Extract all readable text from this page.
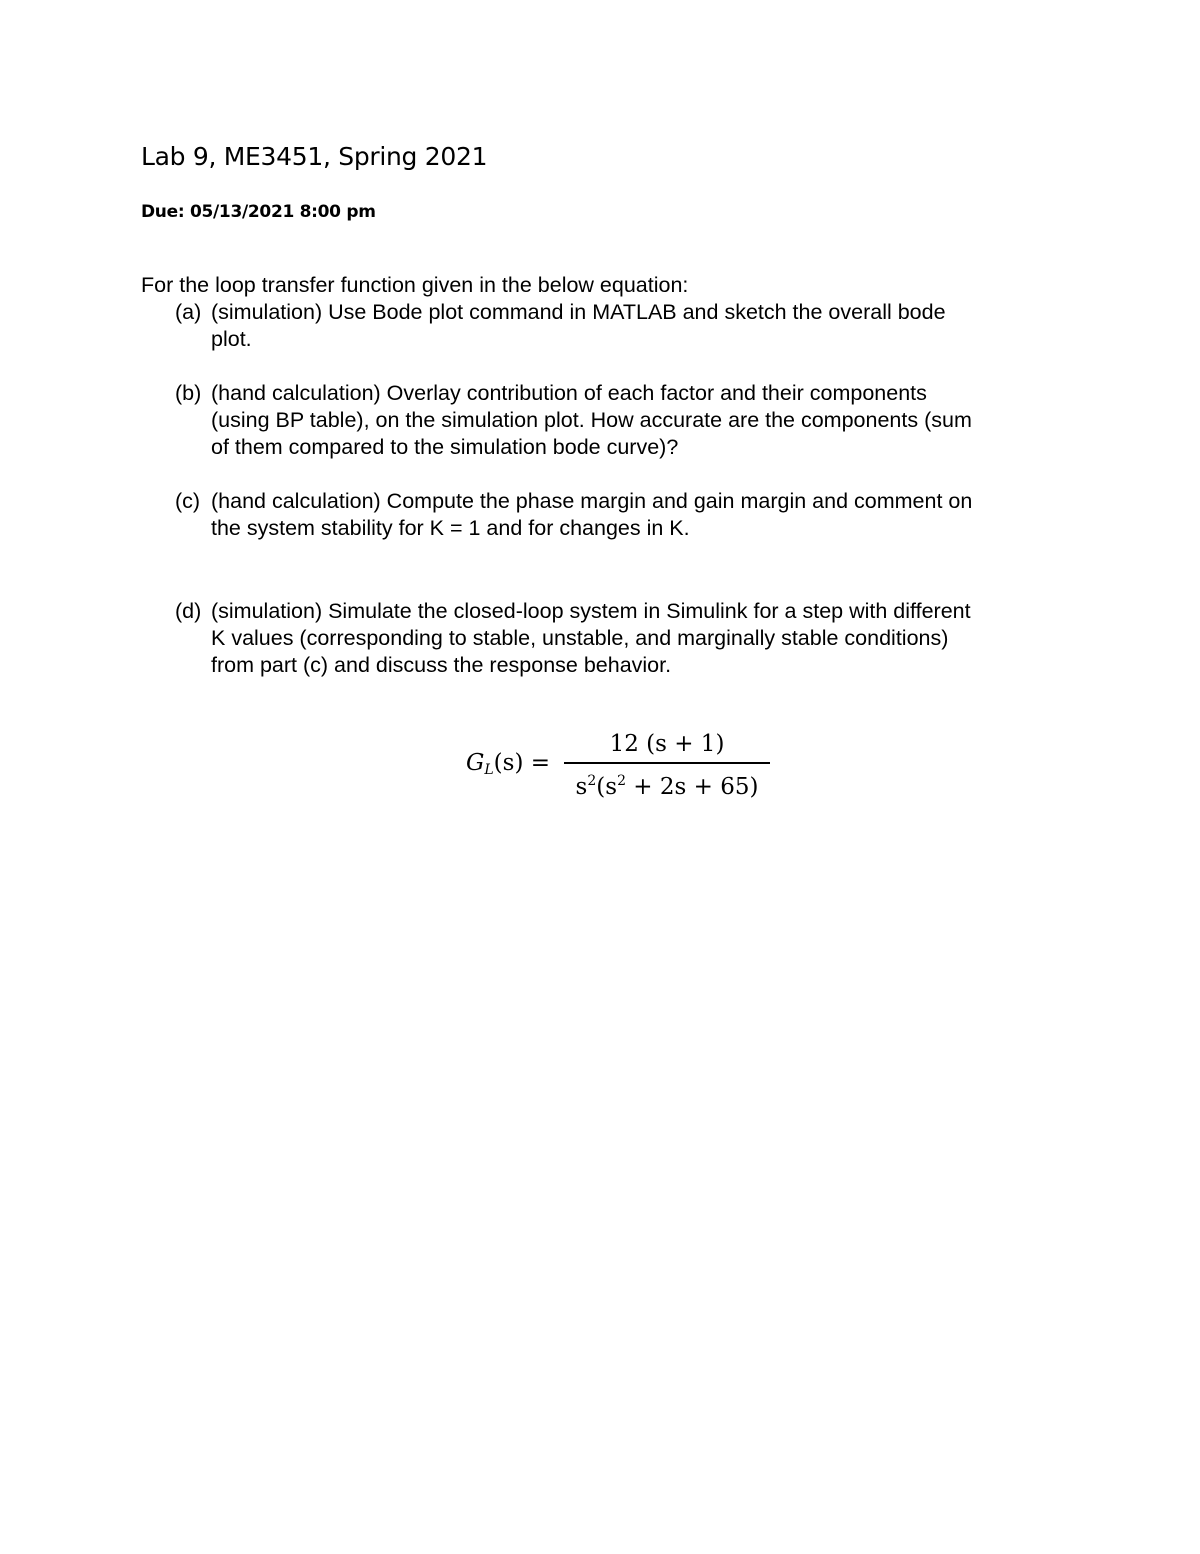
Lab 9, ME3451, Spring 2021
Due: 05/13/2021 8:00 pm
For the loop transfer function given in the below equation:
(a) (simulation) Use Bode plot command in MATLAB and sketch the overall bode
plot.
(b) (hand calculation) Overlay contribution of each factor and their components
(using BP table), on the simulation plot. How accurate are the components (sum
of them compared to the simulation bode curve)?
(c) (hand calculation) Compute the phase margin and gain margin and comment on
the system stability for K = 1 and for changes in K.
(d) (simulation) Simulate the closed-loop system in Simulink for a step with different
K values (corresponding to stable, unstable, and marginally stable conditions)
from part (c) and discuss the response behavior.
$G_L(s)$ =
12 (s + 1)
$s^2(s^2 + 2s + 65)$
